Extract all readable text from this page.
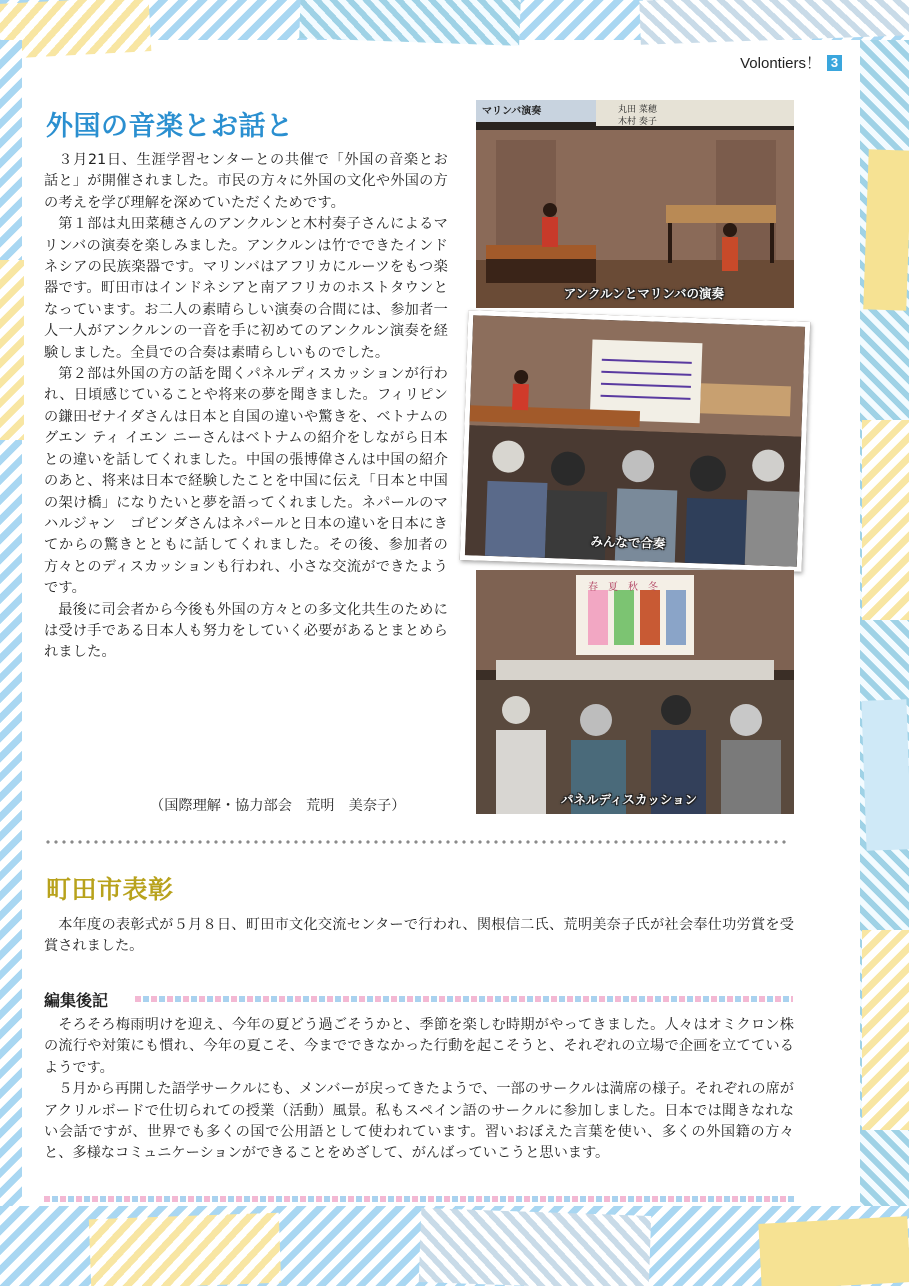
Volontiers！ 3
外国の音楽とお話と

３月21日、生涯学習センターとの共催で「外国の音楽とお話と」が開催されました。市民の方々に外国の文化や外国の方の考えを学び理解を深めていただくためです。

第１部は丸田菜穂さんのアンクルンと木村奏子さんによるマリンバの演奏を楽しみました。アンクルンは竹でできたインドネシアの民族楽器です。マリンバはアフリカにルーツをもつ楽器です。町田市はインドネシアと南アフリカのホストタウンとなっています。お二人の素晴らしい演奏の合間には、参加者一人一人がアンクルンの一音を手に初めてのアンクルン演奏を経験しました。全員での合奏は素晴らしいものでした。

第２部は外国の方の話を聞くパネルディスカッションが行われ、日頃感じていることや将来の夢を聞きました。フィリピンの鎌田ゼナイダさんは日本と自国の違いや驚きを、ベトナムのグエン ティ イエン ニーさんはベトナムの紹介をしながら日本との違いを話してくれました。中国の張博偉さんは中国の紹介のあと、将来は日本で経験したことを中国に伝え「日本と中国の架け橋」になりたいと夢を語ってくれました。ネパールのマハルジャン　ゴビンダさんはネパールと日本の違いを日本にきてからの驚きとともに話してくれました。その後、参加者の方々とのディスカッションも行われ、小さな交流ができたようです。

最後に司会者から今後も外国の方々との多文化共生のためには受け手である日本人も努力をしていく必要があるとまとめられました。

（国際理解・協力部会　荒明　美奈子）
マリンバ演奏	丸田 菜穂
木村 奏子
アンクルンとマリンバの演奏
みんなで合奏
春　夏　秋　冬
パネルディスカッション
町田市表彰

本年度の表彰式が５月８日、町田市文化交流センターで行われ、関根信二氏、荒明美奈子氏が社会奉仕功労賞を受賞されました。

編集後記

そろそろ梅雨明けを迎え、今年の夏どう過ごそうかと、季節を楽しむ時期がやってきました。人々はオミクロン株の流行や対策にも慣れ、今年の夏こそ、今までできなかった行動を起こそうと、それぞれの立場で企画を立てているようです。

５月から再開した語学サークルにも、メンバーが戻ってきたようで、一部のサークルは満席の様子。それぞれの席がアクリルボードで仕切られての授業（活動）風景。私もスペイン語のサークルに参加しました。日本では聞きなれない会話ですが、世界でも多くの国で公用語として使われています。習いおぼえた言葉を使い、多くの外国籍の方々と、多様なコミュニケーションができることをめざして、がんばっていこうと思います。
